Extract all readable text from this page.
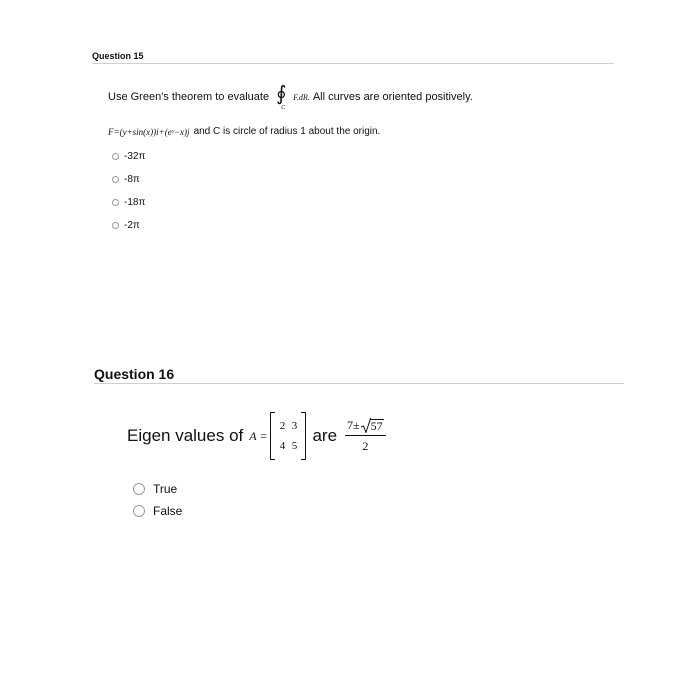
Question 15
Use Green's theorem to evaluate ∮
C
F.dR. All curves are oriented positively.
F=(y+sin(x))i+(eʸ−x)j and C is circle of radius 1 about the origin.
-32π
-8π
-18π
-2π
Question 16
Eigen values of A =
2 3
4 5
are $\frac{7\pm 57}{2}$
True
False
